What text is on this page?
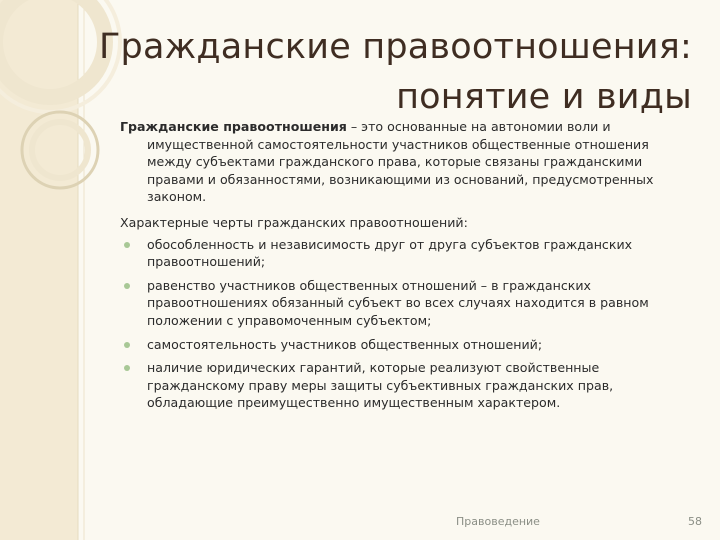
Гражданские правоотношения:
понятие и виды

Гражданские правоотношения – это основанные на автономии воли и имущественной самостоятельности участников общественные отношения между субъектами гражданского права, которые связаны гражданскими правами и обязанностями, возникающими из оснований, предусмотренных законом.

Характерные черты гражданских правоотношений:

обособленность и независимость друг от друга субъектов гражданских правоотношений;
равенство участников общественных отношений – в гражданских правоотношениях обязанный субъект во всех случаях находится в равном положении с управомоченным субъектом;
самостоятельность участников общественных отношений;
наличие юридических гарантий, которые реализуют свойственные гражданскому праву меры защиты субъективных гражданских прав, обладающие преимущественно имущественным характером.
Правоведение	58
